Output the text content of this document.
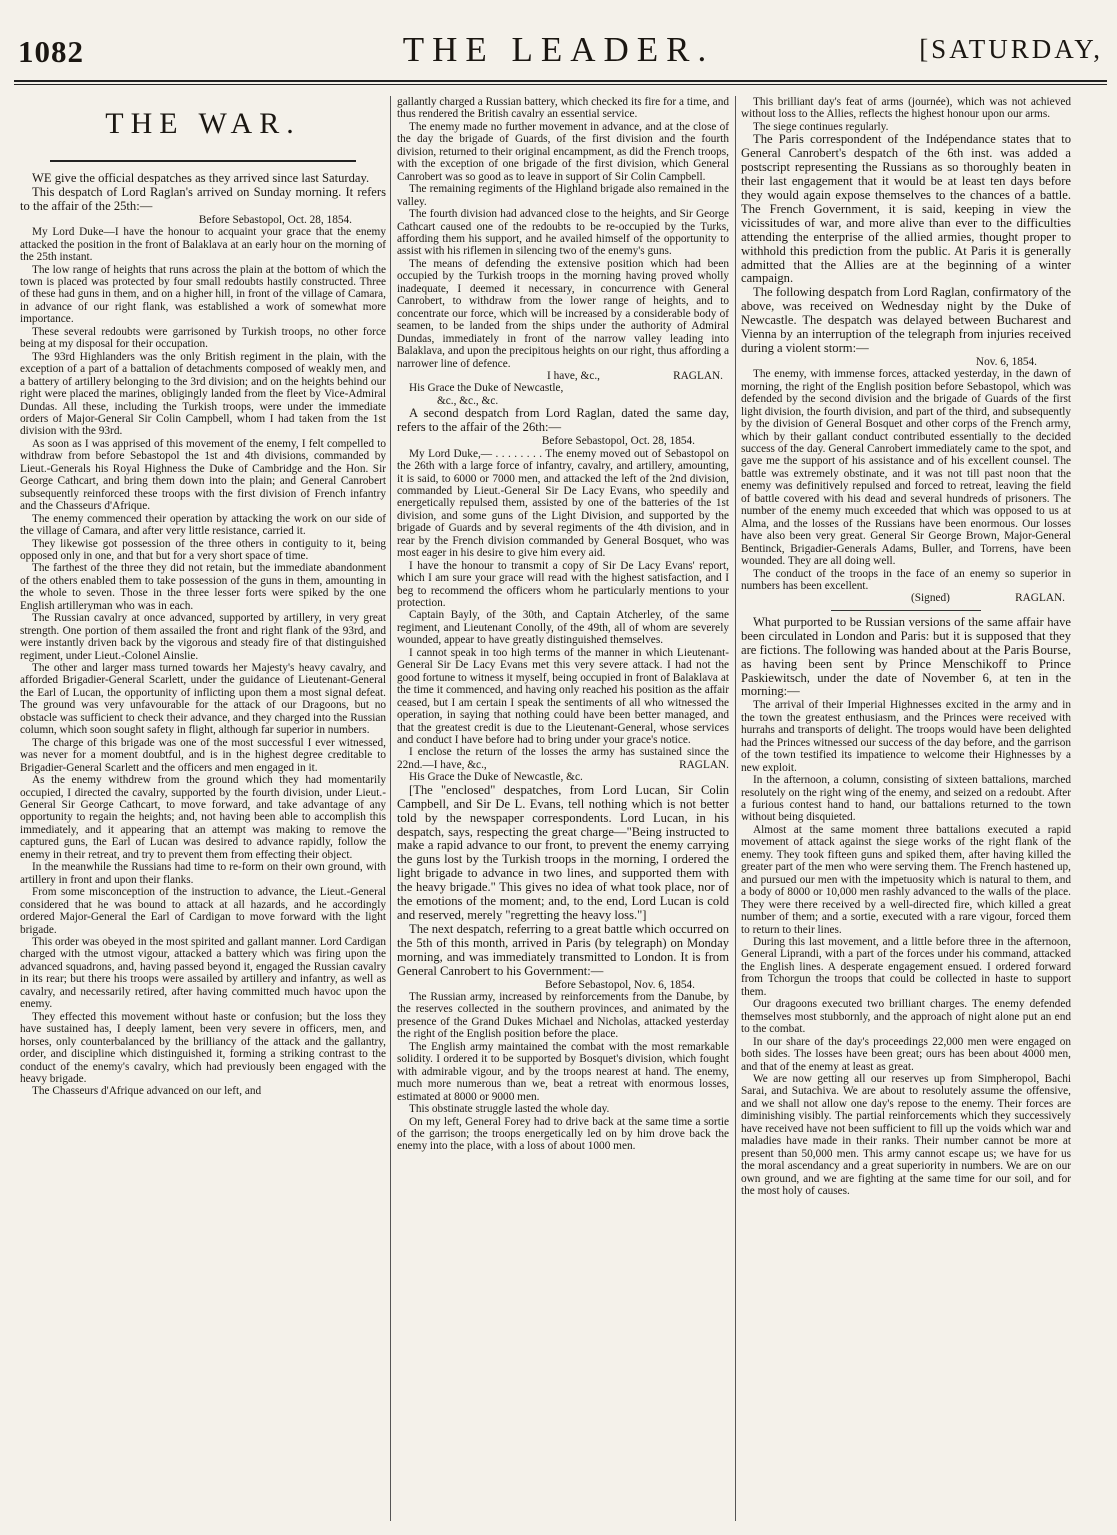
1082	THE LEADER.	[SATURDAY,
THE WAR.

WE give the official despatches as they arrived since last Saturday.

This despatch of Lord Raglan's arrived on Sunday morning. It refers to the affair of the 25th:—

Before Sebastopol, Oct. 28, 1854.

My Lord Duke—I have the honour to acquaint your grace that the enemy attacked the position in the front of Balaklava at an early hour on the morning of the 25th instant.

The low range of heights that runs across the plain at the bottom of which the town is placed was protected by four small redoubts hastily constructed. Three of these had guns in them, and on a higher hill, in front of the village of Camara, in advance of our right flank, was established a work of somewhat more importance.

These several redoubts were garrisoned by Turkish troops, no other force being at my disposal for their occupation.

The 93rd Highlanders was the only British regiment in the plain, with the exception of a part of a battalion of detachments composed of weakly men, and a battery of artillery belonging to the 3rd division; and on the heights behind our right were placed the marines, obligingly landed from the fleet by Vice-Admiral Dundas. All these, including the Turkish troops, were under the immediate orders of Major-General Sir Colin Campbell, whom I had taken from the 1st division with the 93rd.

As soon as I was apprised of this movement of the enemy, I felt compelled to withdraw from before Sebastopol the 1st and 4th divisions, commanded by Lieut.-Generals his Royal Highness the Duke of Cambridge and the Hon. Sir George Cathcart, and bring them down into the plain; and General Canrobert subsequently reinforced these troops with the first division of French infantry and the Chasseurs d'Afrique.

The enemy commenced their operation by attacking the work on our side of the village of Camara, and after very little resistance, carried it.

They likewise got possession of the three others in contiguity to it, being opposed only in one, and that but for a very short space of time.

The farthest of the three they did not retain, but the immediate abandonment of the others enabled them to take possession of the guns in them, amounting in the whole to seven. Those in the three lesser forts were spiked by the one English artilleryman who was in each.

The Russian cavalry at once advanced, supported by artillery, in very great strength. One portion of them assailed the front and right flank of the 93rd, and were instantly driven back by the vigorous and steady fire of that distinguished regiment, under Lieut.-Colonel Ainslie.

The other and larger mass turned towards her Majesty's heavy cavalry, and afforded Brigadier-General Scarlett, under the guidance of Lieutenant-General the Earl of Lucan, the opportunity of inflicting upon them a most signal defeat. The ground was very unfavourable for the attack of our Dragoons, but no obstacle was sufficient to check their advance, and they charged into the Russian column, which soon sought safety in flight, although far superior in numbers.

The charge of this brigade was one of the most successful I ever witnessed, was never for a moment doubtful, and is in the highest degree creditable to Brigadier-General Scarlett and the officers and men engaged in it.

As the enemy withdrew from the ground which they had momentarily occupied, I directed the cavalry, supported by the fourth division, under Lieut.-General Sir George Cathcart, to move forward, and take advantage of any opportunity to regain the heights; and, not having been able to accomplish this immediately, and it appearing that an attempt was making to remove the captured guns, the Earl of Lucan was desired to advance rapidly, follow the enemy in their retreat, and try to prevent them from effecting their object.

In the meanwhile the Russians had time to re-form on their own ground, with artillery in front and upon their flanks.

From some misconception of the instruction to advance, the Lieut.-General considered that he was bound to attack at all hazards, and he accordingly ordered Major-General the Earl of Cardigan to move forward with the light brigade.

This order was obeyed in the most spirited and gallant manner. Lord Cardigan charged with the utmost vigour, attacked a battery which was firing upon the advanced squadrons, and, having passed beyond it, engaged the Russian cavalry in its rear; but there his troops were assailed by artillery and infantry, as well as cavalry, and necessarily retired, after having committed much havoc upon the enemy.

They effected this movement without haste or confusion; but the loss they have sustained has, I deeply lament, been very severe in officers, men, and horses, only counterbalanced by the brilliancy of the attack and the gallantry, order, and discipline which distinguished it, forming a striking contrast to the conduct of the enemy's cavalry, which had previously been engaged with the heavy brigade.

The Chasseurs d'Afrique advanced on our left, and

gallantly charged a Russian battery, which checked its fire for a time, and thus rendered the British cavalry an essential service.

The enemy made no further movement in advance, and at the close of the day the brigade of Guards, of the first division and the fourth division, returned to their original encampment, as did the French troops, with the exception of one brigade of the first division, which General Canrobert was so good as to leave in support of Sir Colin Campbell.

The remaining regiments of the Highland brigade also remained in the valley.

The fourth division had advanced close to the heights, and Sir George Cathcart caused one of the redoubts to be re-occupied by the Turks, affording them his support, and he availed himself of the opportunity to assist with his riflemen in silencing two of the enemy's guns.

The means of defending the extensive position which had been occupied by the Turkish troops in the morning having proved wholly inadequate, I deemed it necessary, in concurrence with General Canrobert, to withdraw from the lower range of heights, and to concentrate our force, which will be increased by a considerable body of seamen, to be landed from the ships under the authority of Admiral Dundas, immediately in front of the narrow valley leading into Balaklava, and upon the precipitous heights on our right, thus affording a narrower line of defence.

I have, &c.,	RAGLAN.

His Grace the Duke of Newcastle,

&c., &c., &c.

A second despatch from Lord Raglan, dated the same day, refers to the affair of the 26th:—

Before Sebastopol, Oct. 28, 1854.

My Lord Duke,— . . . . . . . . The enemy moved out of Sebastopol on the 26th with a large force of infantry, cavalry, and artillery, amounting, it is said, to 6000 or 7000 men, and attacked the left of the 2nd division, commanded by Lieut.-General Sir De Lacy Evans, who speedily and energetically repulsed them, assisted by one of the batteries of the 1st division, and some guns of the Light Division, and supported by the brigade of Guards and by several regiments of the 4th division, and in rear by the French division commanded by General Bosquet, who was most eager in his desire to give him every aid.

I have the honour to transmit a copy of Sir De Lacy Evans' report, which I am sure your grace will read with the highest satisfaction, and I beg to recommend the officers whom he particularly mentions to your protection.

Captain Bayly, of the 30th, and Captain Atcherley, of the same regiment, and Lieutenant Conolly, of the 49th, all of whom are severely wounded, appear to have greatly distinguished themselves.

I cannot speak in too high terms of the manner in which Lieutenant-General Sir De Lacy Evans met this very severe attack. I had not the good fortune to witness it myself, being occupied in front of Balaklava at the time it commenced, and having only reached his position as the affair ceased, but I am certain I speak the sentiments of all who witnessed the operation, in saying that nothing could have been better managed, and that the greatest credit is due to the Lieutenant-General, whose services and conduct I have before had to bring under your grace's notice.

I enclose the return of the losses the army has sustained since the 22nd.—I have, &c.,	RAGLAN.

His Grace the Duke of Newcastle, &c.

[The "enclosed" despatches, from Lord Lucan, Sir Colin Campbell, and Sir De L. Evans, tell nothing which is not better told by the newspaper correspondents. Lord Lucan, in his despatch, says, respecting the great charge—"Being instructed to make a rapid advance to our front, to prevent the enemy carrying the guns lost by the Turkish troops in the morning, I ordered the light brigade to advance in two lines, and supported them with the heavy brigade." This gives no idea of what took place, nor of the emotions of the moment; and, to the end, Lord Lucan is cold and reserved, merely "regretting the heavy loss."]

The next despatch, referring to a great battle which occurred on the 5th of this month, arrived in Paris (by telegraph) on Monday morning, and was immediately transmitted to London. It is from General Canrobert to his Government:—

Before Sebastopol, Nov. 6, 1854.

The Russian army, increased by reinforcements from the Danube, by the reserves collected in the southern provinces, and animated by the presence of the Grand Dukes Michael and Nicholas, attacked yesterday the right of the English position before the place.

The English army maintained the combat with the most remarkable solidity. I ordered it to be supported by Bosquet's division, which fought with admirable vigour, and by the troops nearest at hand. The enemy, much more numerous than we, beat a retreat with enormous losses, estimated at 8000 or 9000 men.

This obstinate struggle lasted the whole day.

On my left, General Forey had to drive back at the same time a sortie of the garrison; the troops energetically led on by him drove back the enemy into the place, with a loss of about 1000 men.

This brilliant day's feat of arms (journée), which was not achieved without loss to the Allies, reflects the highest honour upon our arms.

The siege continues regularly.

The Paris correspondent of the Indépendance states that to General Canrobert's despatch of the 6th inst. was added a postscript representing the Russians as so thoroughly beaten in their last engagement that it would be at least ten days before they would again expose themselves to the chances of a battle. The French Government, it is said, keeping in view the vicissitudes of war, and more alive than ever to the difficulties attending the enterprise of the allied armies, thought proper to withhold this prediction from the public. At Paris it is generally admitted that the Allies are at the beginning of a winter campaign.

The following despatch from Lord Raglan, confirmatory of the above, was received on Wednesday night by the Duke of Newcastle. The despatch was delayed between Bucharest and Vienna by an interruption of the telegraph from injuries received during a violent storm:—

Nov. 6, 1854.

The enemy, with immense forces, attacked yesterday, in the dawn of morning, the right of the English position before Sebastopol, which was defended by the second division and the brigade of Guards of the first light division, the fourth division, and part of the third, and subsequently by the division of General Bosquet and other corps of the French army, which by their gallant conduct contributed essentially to the decided success of the day. General Canrobert immediately came to the spot, and gave me the support of his assistance and of his excellent counsel. The battle was extremely obstinate, and it was not till past noon that the enemy was definitively repulsed and forced to retreat, leaving the field of battle covered with his dead and several hundreds of prisoners. The number of the enemy much exceeded that which was opposed to us at Alma, and the losses of the Russians have been enormous. Our losses have also been very great. General Sir George Brown, Major-General Bentinck, Brigadier-Generals Adams, Buller, and Torrens, have been wounded. They are all doing well.

The conduct of the troops in the face of an enemy so superior in numbers has been excellent.

(Signed)	RAGLAN.

What purported to be Russian versions of the same affair have been circulated in London and Paris: but it is supposed that they are fictions. The following was handed about at the Paris Bourse, as having been sent by Prince Menschikoff to Prince Paskiewitsch, under the date of November 6, at ten in the morning:—

The arrival of their Imperial Highnesses excited in the army and in the town the greatest enthusiasm, and the Princes were received with hurrahs and transports of delight. The troops would have been delighted had the Princes witnessed our success of the day before, and the garrison of the town testified its impatience to welcome their Highnesses by a new exploit.

In the afternoon, a column, consisting of sixteen battalions, marched resolutely on the right wing of the enemy, and seized on a redoubt. After a furious contest hand to hand, our battalions returned to the town without being disquieted.

Almost at the same moment three battalions executed a rapid movement of attack against the siege works of the right flank of the enemy. They took fifteen guns and spiked them, after having killed the greater part of the men who were serving them. The French hastened up, and pursued our men with the impetuosity which is natural to them, and a body of 8000 or 10,000 men rashly advanced to the walls of the place. They were there received by a well-directed fire, which killed a great number of them; and a sortie, executed with a rare vigour, forced them to return to their lines.

During this last movement, and a little before three in the afternoon, General Liprandi, with a part of the forces under his command, attacked the English lines. A desperate engagement ensued. I ordered forward from Tchorgun the troops that could be collected in haste to support them.

Our dragoons executed two brilliant charges. The enemy defended themselves most stubbornly, and the approach of night alone put an end to the combat.

In our share of the day's proceedings 22,000 men were engaged on both sides. The losses have been great; ours has been about 4000 men, and that of the enemy at least as great.

We are now getting all our reserves up from Simpheropol, Bachi Sarai, and Sutachiva. We are about to resolutely assume the offensive, and we shall not allow one day's repose to the enemy. Their forces are diminishing visibly. The partial reinforcements which they successively have received have not been sufficient to fill up the voids which war and maladies have made in their ranks. Their number cannot be more at present than 50,000 men. This army cannot escape us; we have for us the moral ascendancy and a great superiority in numbers. We are on our own ground, and we are fighting at the same time for our soil, and for the most holy of causes.
